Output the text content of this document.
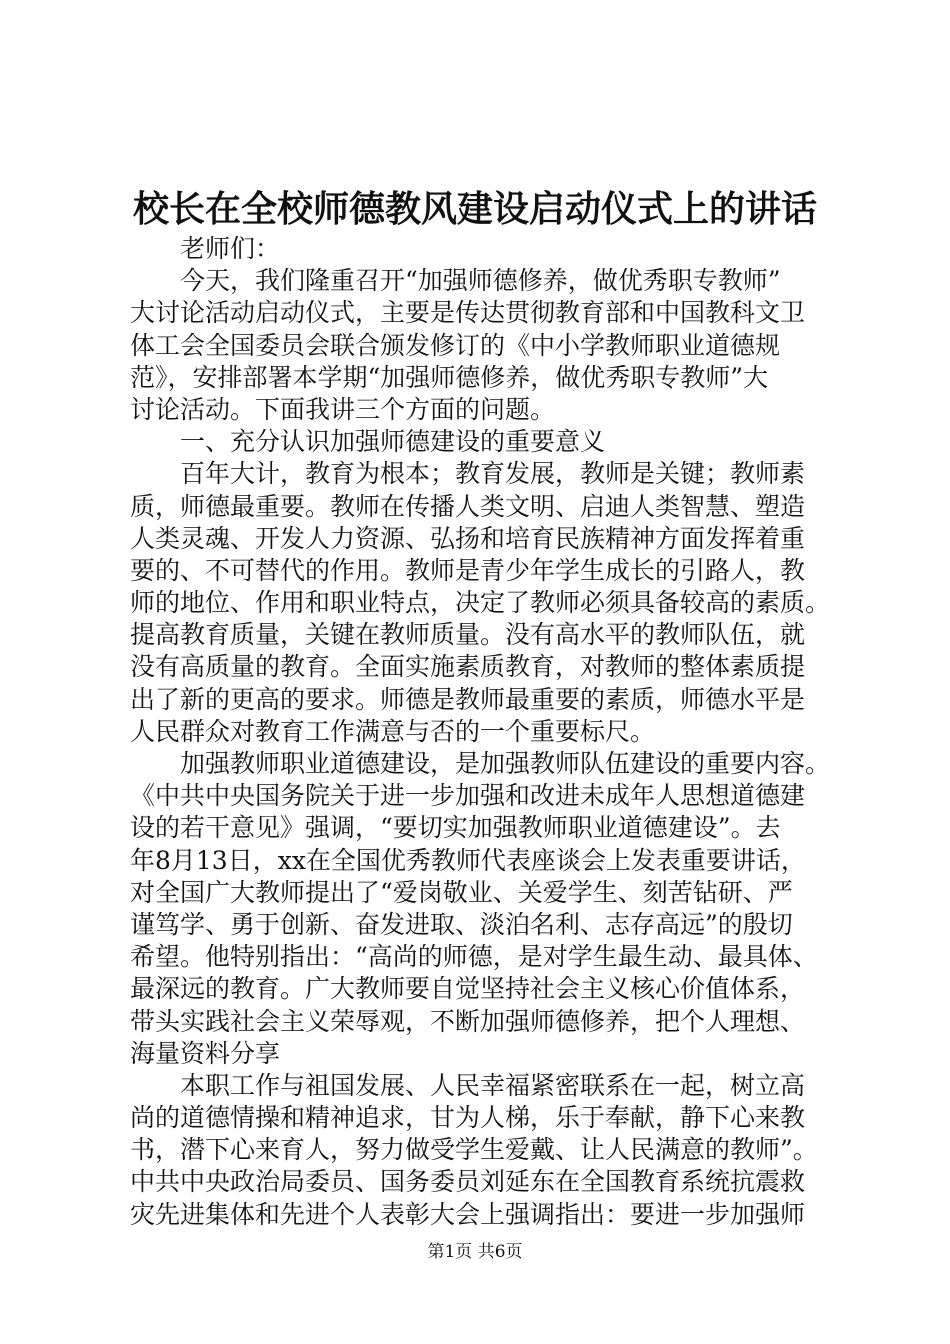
校长在全校师德教风建设启动仪式上的讲话
老师们：
今天，我们隆重召开“加强师德修养，做优秀职专教师”
大讨论活动启动仪式，主要是传达贯彻教育部和中国教科文卫
体工会全国委员会联合颁发修订的《中小学教师职业道德规
范》，安排部署本学期“加强师德修养，做优秀职专教师”大
讨论活动。下面我讲三个方面的问题。
一、充分认识加强师德建设的重要意义
百年大计，教育为根本；教育发展，教师是关键；教师素
质，师德最重要。教师在传播人类文明、启迪人类智慧、塑造
人类灵魂、开发人力资源、弘扬和培育民族精神方面发挥着重
要的、不可替代的作用。教师是青少年学生成长的引路人，教
师的地位、作用和职业特点，决定了教师必须具备较高的素质。
提高教育质量，关键在教师质量。没有高水平的教师队伍，就
没有高质量的教育。全面实施素质教育，对教师的整体素质提
出了新的更高的要求。师德是教师最重要的素质，师德水平是
人民群众对教育工作满意与否的一个重要标尺。
加强教师职业道德建设，是加强教师队伍建设的重要内容。
《中共中央国务院关于进一步加强和改进未成年人思想道德建
设的若干意见》强调，“要切实加强教师职业道德建设”。去
年8月13日，xx在全国优秀教师代表座谈会上发表重要讲话，
对全国广大教师提出了“爱岗敬业、关爱学生、刻苦钻研、严
谨笃学、勇于创新、奋发进取、淡泊名利、志存高远”的殷切
希望。他特别指出：“高尚的师德，是对学生最生动、最具体、
最深远的教育。广大教师要自觉坚持社会主义核心价值体系，
带头实践社会主义荣辱观，不断加强师德修养，把个人理想、
海量资料分享
本职工作与祖国发展、人民幸福紧密联系在一起，树立高
尚的道德情操和精神追求，甘为人梯，乐于奉献，静下心来教
书，潜下心来育人，努力做受学生爱戴、让人民满意的教师”。
中共中央政治局委员、国务委员刘延东在全国教育系统抗震救
灾先进集体和先进个人表彰大会上强调指出：要进一步加强师
第1页 共6页
